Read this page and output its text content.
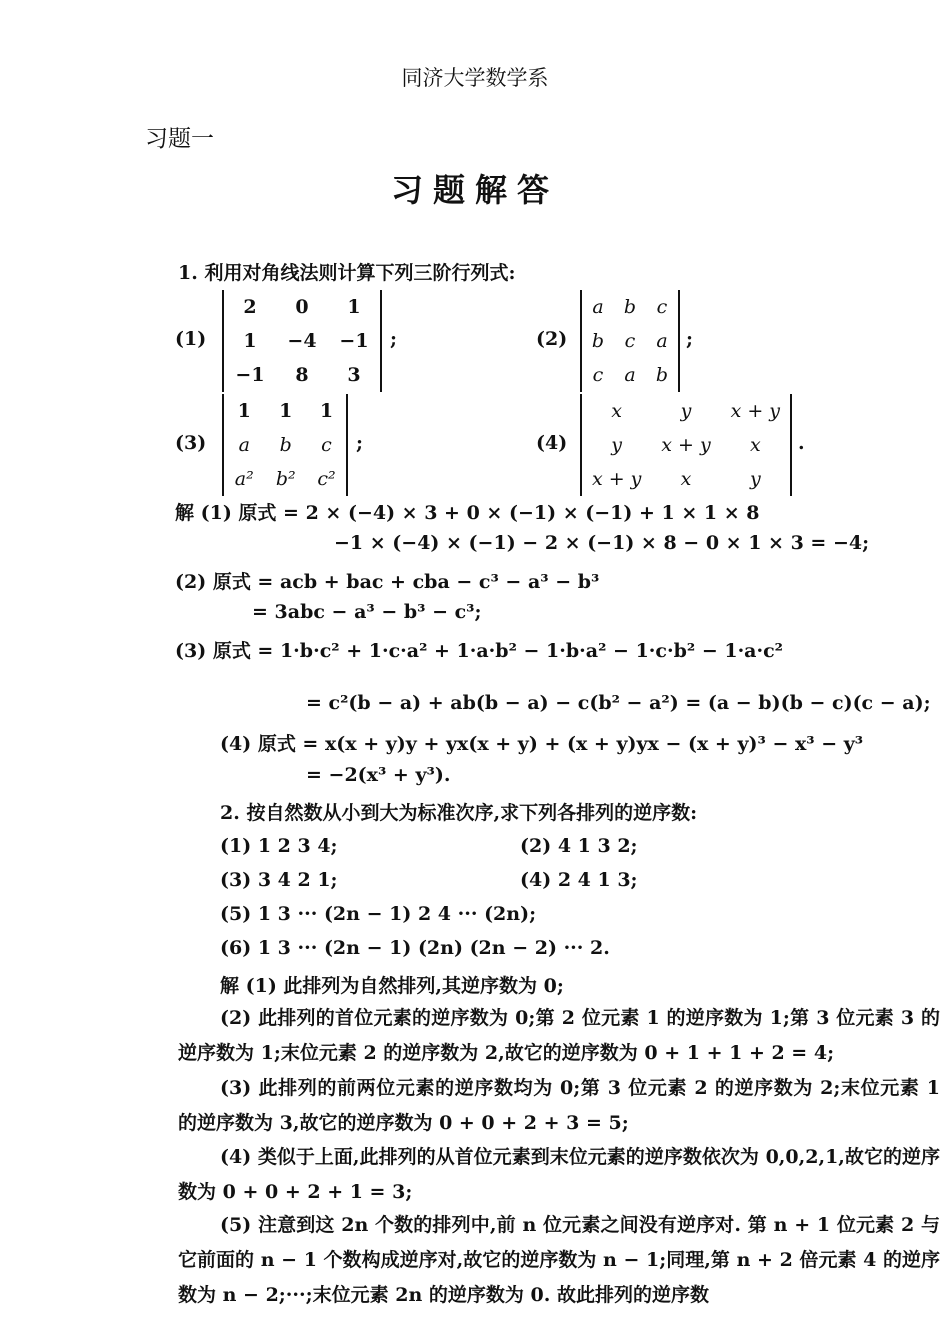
同济大学数学系
习题一
习题解答
1. 利用对角线法则计算下列三阶行列式:
(1)
2	0	1
1	−4	−1
−1	8	3
;	(2)
a	b	c
b	c	a
c	a	b
;
(3)
1	1	1
a	b	c
a²	b²	c²
;	(4)
x	y	x + y
y	x + y	x
x + y	x	y
.
解 (1) 原式 = 2 × (−4) × 3 + 0 × (−1) × (−1) + 1 × 1 × 8
−1 × (−4) × (−1) − 2 × (−1) × 8 − 0 × 1 × 3 = −4;
(2) 原式 = acb + bac + cba − c³ − a³ − b³
= 3abc − a³ − b³ − c³;
(3) 原式 = 1·b·c² + 1·c·a² + 1·a·b² − 1·b·a² − 1·c·b² − 1·a·c²
= c²(b − a) + ab(b − a) − c(b² − a²) = (a − b)(b − c)(c − a);
(4) 原式 = x(x + y)y + yx(x + y) + (x + y)yx − (x + y)³ − x³ − y³
= −2(x³ + y³).
2. 按自然数从小到大为标准次序,求下列各排列的逆序数:
(1) 1 2 3 4;	(2) 4 1 3 2;
(3) 3 4 2 1;	(4) 2 4 1 3;
(5) 1 3 ··· (2n − 1) 2 4 ··· (2n);
(6) 1 3 ··· (2n − 1) (2n) (2n − 2) ··· 2.
解 (1) 此排列为自然排列,其逆序数为 0;
(2) 此排列的首位元素的逆序数为 0;第 2 位元素 1 的逆序数为 1;第 3 位元素 3 的逆序数为 1;末位元素 2 的逆序数为 2,故它的逆序数为 0 + 1 + 1 + 2 = 4;
(3) 此排列的前两位元素的逆序数均为 0;第 3 位元素 2 的逆序数为 2;末位元素 1 的逆序数为 3,故它的逆序数为 0 + 0 + 2 + 3 = 5;
(4) 类似于上面,此排列的从首位元素到末位元素的逆序数依次为 0,0,2,1,故它的逆序数为 0 + 0 + 2 + 1 = 3;
(5) 注意到这 2n 个数的排列中,前 n 位元素之间没有逆序对. 第 n + 1 位元素 2 与它前面的 n − 1 个数构成逆序对,故它的逆序数为 n − 1;同理,第 n + 2 倍元素 4 的逆序数为 n − 2;···;末位元素 2n 的逆序数为 0. 故此排列的逆序数
